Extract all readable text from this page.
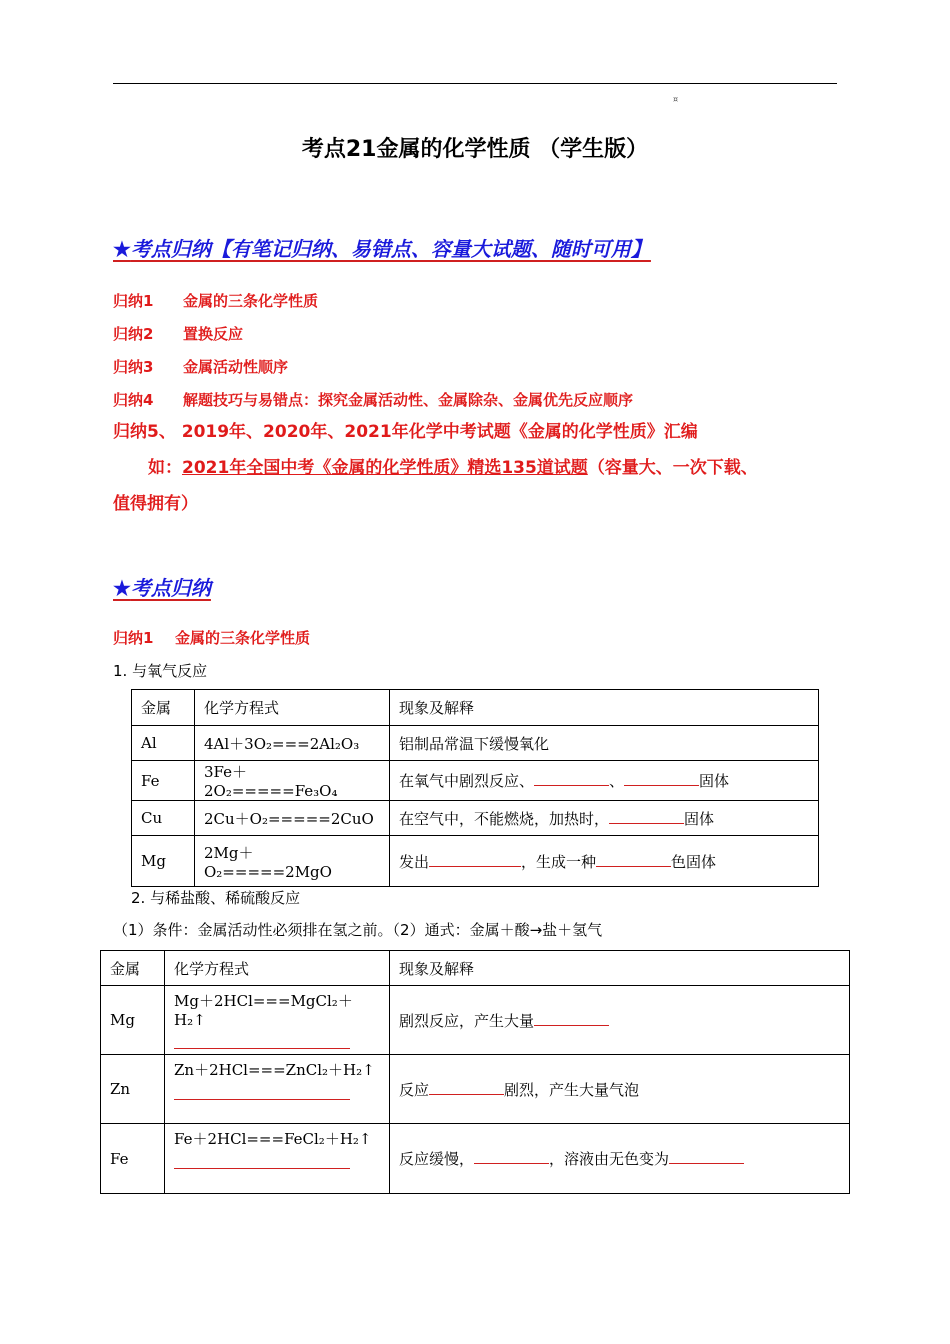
¤
考点21金属的化学性质 （学生版）
★考点归纳【有笔记归纳、易错点、容量大试题、随时可用】
归纳1 金属的三条化学性质
归纳2 置换反应
归纳3 金属活动性顺序
归纳4 解题技巧与易错点：探究金属活动性、金属除杂、金属优先反应顺序
归纳5、 2019年、2020年、2021年化学中考试题《金属的化学性质》汇编
如：2021年全国中考《金属的化学性质》精选135道试题（容量大、一次下载、
值得拥有）
★考点归纳
归纳1 金属的三条化学性质
1. 与氧气反应
金属	化学方程式	现象及解释
Al	4Al＋3O₂===2Al₂O₃	铝制品常温下缓慢氧化
Fe	3Fe＋2O₂=====Fe₃O₄	在氧气中剧烈反应、 、 固体
Cu	2Cu＋O₂=====2CuO	在空气中，不能燃烧，加热时， 固体
Mg	2Mg＋O₂=====2MgO	发出 ，生成一种 色固体
2. 与稀盐酸、稀硫酸反应
（1）条件：金属活动性必须排在氢之前。（2）通式：金属＋酸→盐＋氢气
金属	化学方程式	现象及解释
Mg	Mg＋2HCl===MgCl₂＋H₂↑	剧烈反应，产生大量
Zn	Zn＋2HCl===ZnCl₂＋H₂↑	反应 剧烈，产生大量气泡
Fe	Fe＋2HCl===FeCl₂＋H₂↑	反应缓慢， ，溶液由无色变为
